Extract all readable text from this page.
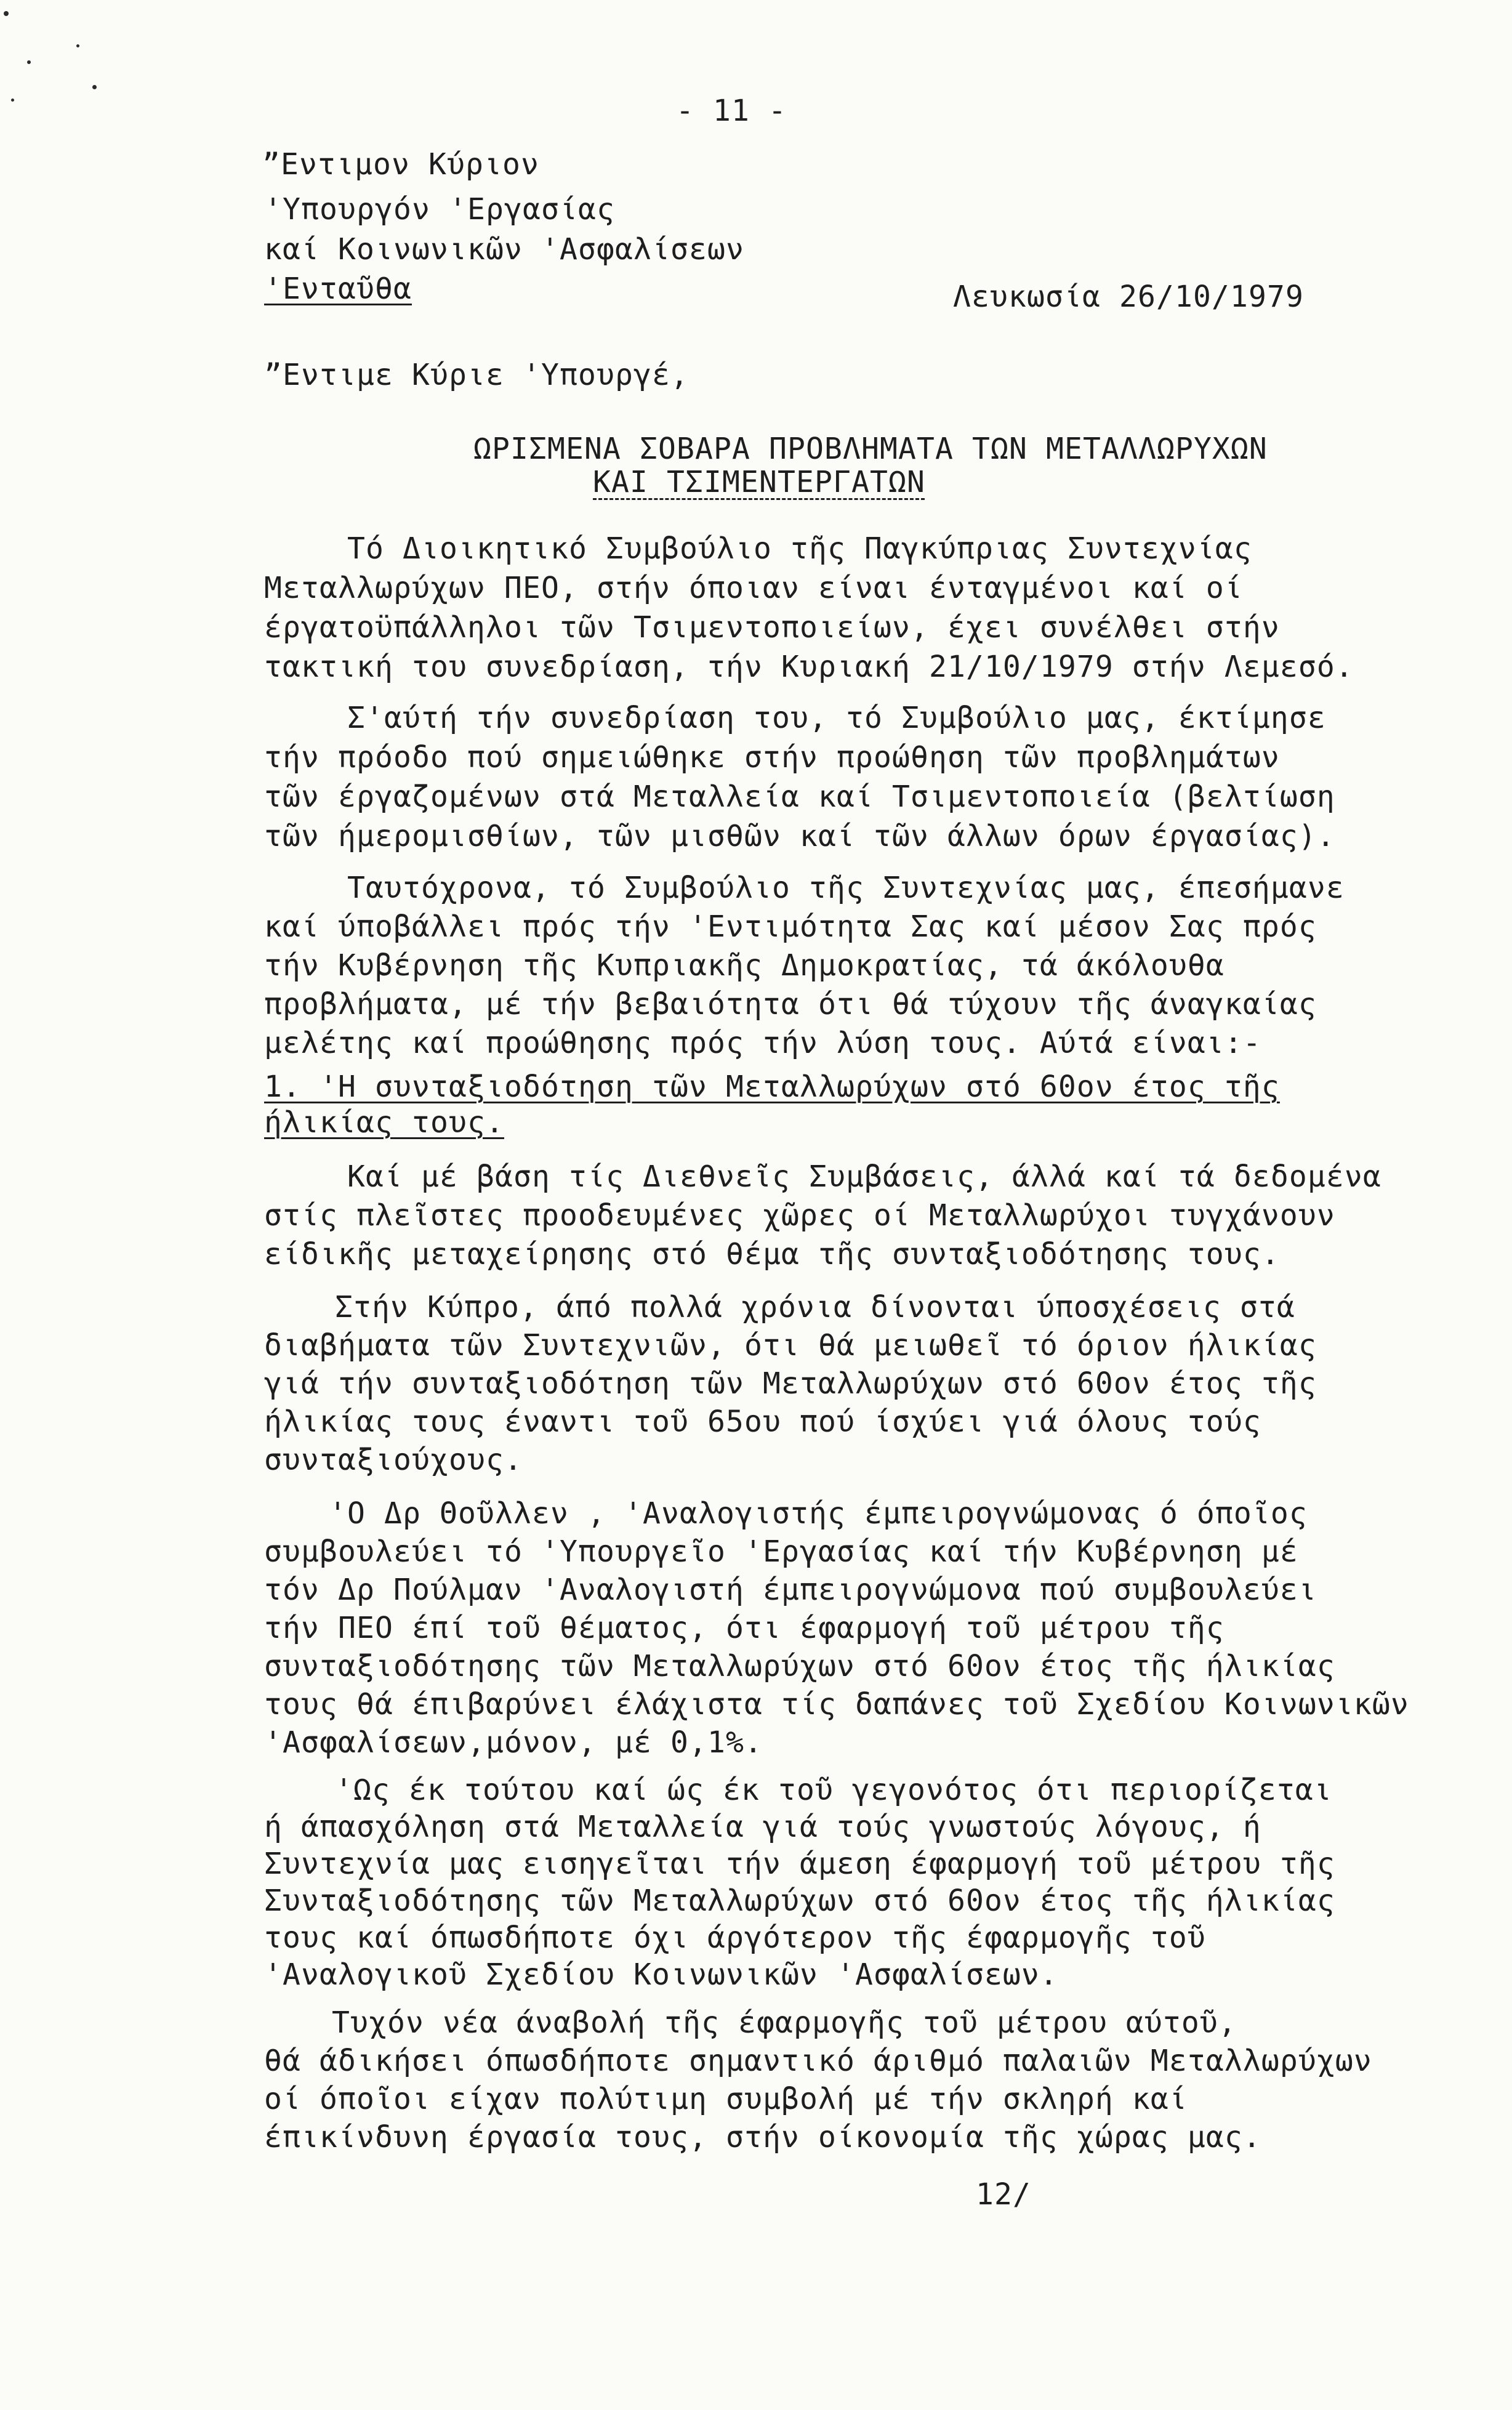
- 11 -
”Εντιμον Κύριον
'Υπουργόν 'Εργασίας
καί Κοινωνικῶν 'Ασφαλίσεων
'Ενταῦθα	Λευκωσία 26/10/1979
”Εντιμε Κύριε 'Υπουργέ,
ΩΡΙΣΜΕΝΑ ΣΟΒΑΡΑ ΠΡΟΒΛΗΜΑΤΑ ΤΩΝ ΜΕΤΑΛΛΩΡΥΧΩΝ
ΚΑΙ ΤΣΙΜΕΝΤΕΡΓΑΤΩΝ
Τό Διοικητικό Συμβούλιο τῆς Παγκύπριας Συντεχνίας
Μεταλλωρύχων ΠΕΟ, στήν όποιαν είναι ένταγμένοι καί οί
έργατοϋπάλληλοι τῶν Τσιμεντοποιείων, έχει συνέλθει στήν
τακτική του συνεδρίαση, τήν Κυριακή 21/10/1979 στήν Λεμεσό.
Σ'αύτή τήν συνεδρίαση του, τό Συμβούλιο μας, έκτίμησε
τήν πρόοδο πού σημειώθηκε στήν προώθηση τῶν προβλημάτων
τῶν έργαζομένων στά Μεταλλεία καί Τσιμεντοποιεία (βελτίωση
τῶν ήμερομισθίων, τῶν μισθῶν καί τῶν άλλων όρων έργασίας).
Ταυτόχρονα, τό Συμβούλιο τῆς Συντεχνίας μας, έπεσήμανε
καί ύποβάλλει πρός τήν 'Εντιμότητα Σας καί μέσον Σας πρός
τήν Κυβέρνηση τῆς Κυπριακῆς Δημοκρατίας, τά άκόλουθα
προβλήματα, μέ τήν βεβαιότητα ότι θά τύχουν τῆς άναγκαίας
μελέτης καί προώθησης πρός τήν λύση τους. Αύτά είναι:-
1. 'Η συνταξιοδότηση τῶν Μεταλλωρύχων στό 60ον έτος τῆς
ήλικίας τους.
Καί μέ βάση τίς Διεθνεῖς Συμβάσεις, άλλά καί τά δεδομένα
στίς πλεῖστες προοδευμένες χῶρες οί Μεταλλωρύχοι τυγχάνουν
είδικῆς μεταχείρησης στό θέμα τῆς συνταξιοδότησης τους.
Στήν Κύπρο, άπό πολλά χρόνια δίνονται ύποσχέσεις στά
διαβήματα τῶν Συντεχνιῶν, ότι θά μειωθεῖ τό όριον ήλικίας
γιά τήν συνταξιοδότηση τῶν Μεταλλωρύχων στό 60ον έτος τῆς
ήλικίας τους έναντι τοῦ 65ου πού ίσχύει γιά όλους τούς
συνταξιούχους.
'Ο Δρ Θοῦλλεν , 'Αναλογιστής έμπειρογνώμονας ό όποῖος
συμβουλεύει τό 'Υπουργεῖο 'Εργασίας καί τήν Κυβέρνηση μέ
τόν Δρ Πούλμαν 'Αναλογιστή έμπειρογνώμονα πού συμβουλεύει
τήν ΠΕΟ έπί τοῦ θέματος, ότι έφαρμογή τοῦ μέτρου τῆς
συνταξιοδότησης τῶν Μεταλλωρύχων στό 60ον έτος τῆς ήλικίας
τους θά έπιβαρύνει έλάχιστα τίς δαπάνες τοῦ Σχεδίου Κοινωνικῶν
'Ασφαλίσεων,μόνον, μέ 0,1%.
'Ως έκ τούτου καί ώς έκ τοῦ γεγονότος ότι περιορίζεται
ή άπασχόληση στά Μεταλλεία γιά τούς γνωστούς λόγους, ή
Συντεχνία μας εισηγεῖται τήν άμεση έφαρμογή τοῦ μέτρου τῆς
Συνταξιοδότησης τῶν Μεταλλωρύχων στό 60ον έτος τῆς ήλικίας
τους καί όπωσδήποτε όχι άργότερον τῆς έφαρμογῆς τοῦ
'Αναλογικοῦ Σχεδίου Κοινωνικῶν 'Ασφαλίσεων.
Τυχόν νέα άναβολή τῆς έφαρμογῆς τοῦ μέτρου αύτοῦ,
θά άδικήσει όπωσδήποτε σημαντικό άριθμό παλαιῶν Μεταλλωρύχων
οί όποῖοι είχαν πολύτιμη συμβολή μέ τήν σκληρή καί
έπικίνδυνη έργασία τους, στήν οίκονομία τῆς χώρας μας.
12/
